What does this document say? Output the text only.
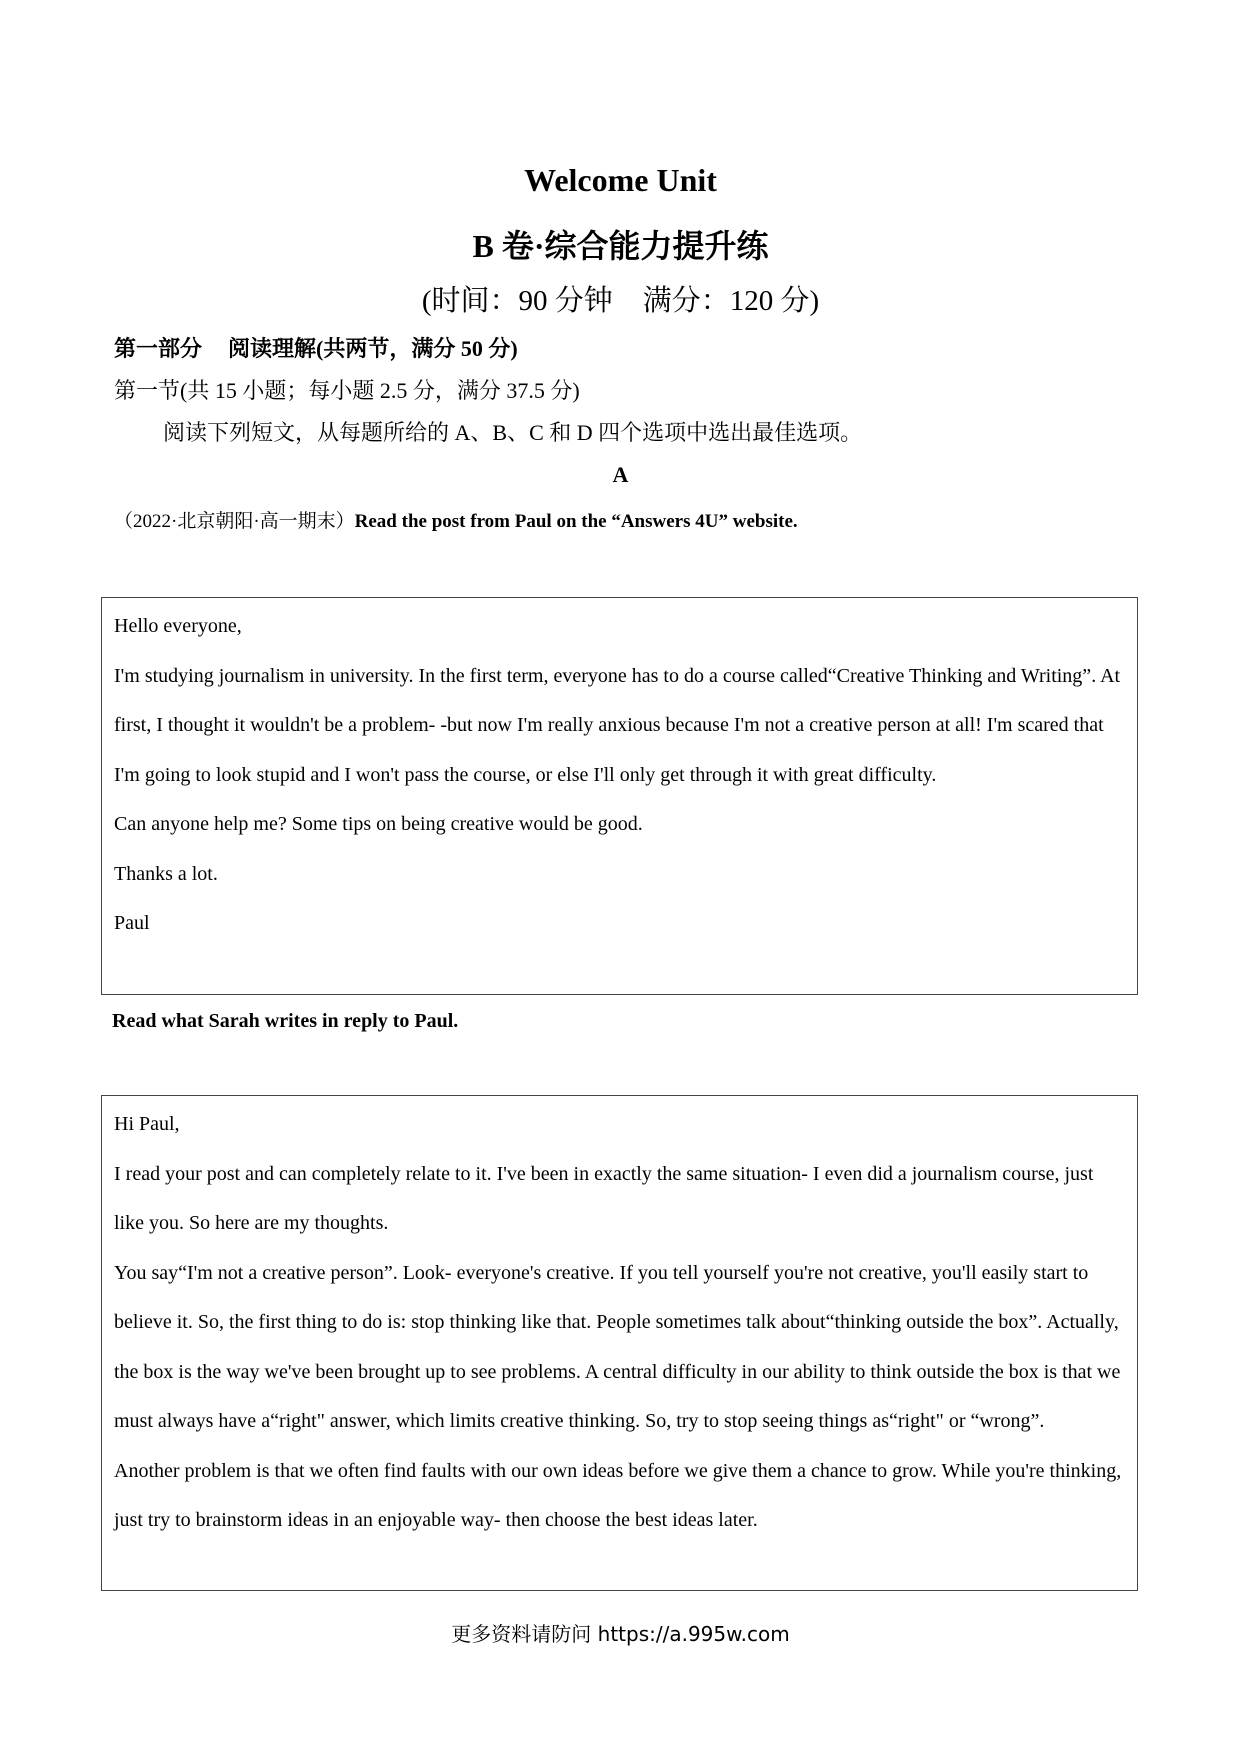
Welcome Unit
B 卷·综合能力提升练
(时间：90 分钟 满分：120 分)
第一部分 阅读理解(共两节，满分 50 分)
第一节(共 15 小题；每小题 2.5 分，满分 37.5 分)
阅读下列短文，从每题所给的 A、B、C 和 D 四个选项中选出最佳选项。
A
（2022·北京朝阳·高一期末）Read the post from Paul on the “Answers 4U” website.
Hello everyone,
I'm studying journalism in university. In the first term, everyone has to do a course called“Creative Thinking and Writing”. At first, I thought it wouldn't be a problem- -but now I'm really anxious because I'm not a creative person at all! I'm scared that I'm going to look stupid and I won't pass the course, or else I'll only get through it with great difficulty.
Can anyone help me? Some tips on being creative would be good.
Thanks a lot.
Paul
Read what Sarah writes in reply to Paul.
Hi Paul,
I read your post and can completely relate to it. I've been in exactly the same situation- I even did a journalism course, just like you. So here are my thoughts.
You say“I'm not a creative person”. Look- everyone's creative. If you tell yourself you're not creative, you'll easily start to believe it. So, the first thing to do is: stop thinking like that. People sometimes talk about“thinking outside the box”. Actually, the box is the way we've been brought up to see problems. A central difficulty in our ability to think outside the box is that we must always have a“right" answer, which limits creative thinking. So, try to stop seeing things as“right" or “wrong”.
Another problem is that we often find faults with our own ideas before we give them a chance to grow. While you're thinking, just try to brainstorm ideas in an enjoyable way- then choose the best ideas later.
更多资料请防问 https://a.995w.com
